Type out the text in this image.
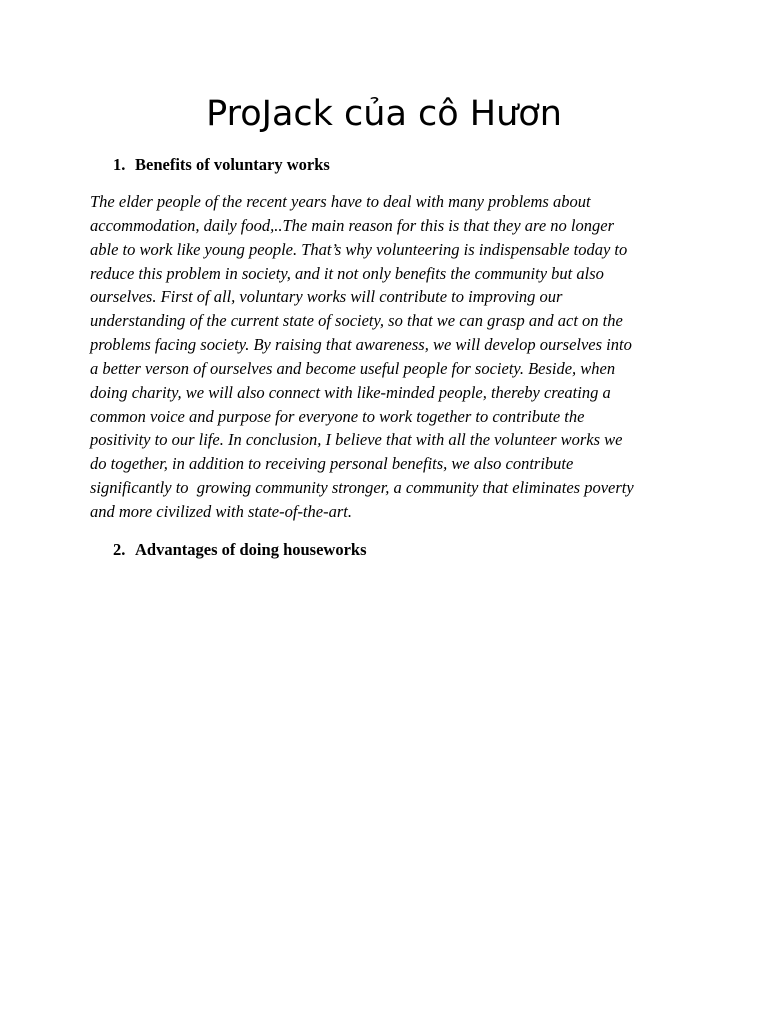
ProJack của cô Hươn

1. Benefits of voluntary works

The elder people of the recent years have to deal with many problems about
accommodation, daily food,..The main reason for this is that they are no longer
able to work like young people. That’s why volunteering is indispensable today to
reduce this problem in society, and it not only benefits the community but also
ourselves. First of all, voluntary works will contribute to improving our
understanding of the current state of society, so that we can grasp and act on the
problems facing society. By raising that awareness, we will develop ourselves into
a better verson of ourselves and become useful people for society. Beside, when
doing charity, we will also connect with like-minded people, thereby creating a
common voice and purpose for everyone to work together to contribute the
positivity to our life. In conclusion, I believe that with all the volunteer works we
do together, in addition to receiving personal benefits, we also contribute
significantly to  growing community stronger, a community that eliminates poverty
and more civilized with state-of-the-art.

2. Advantages of doing houseworks
